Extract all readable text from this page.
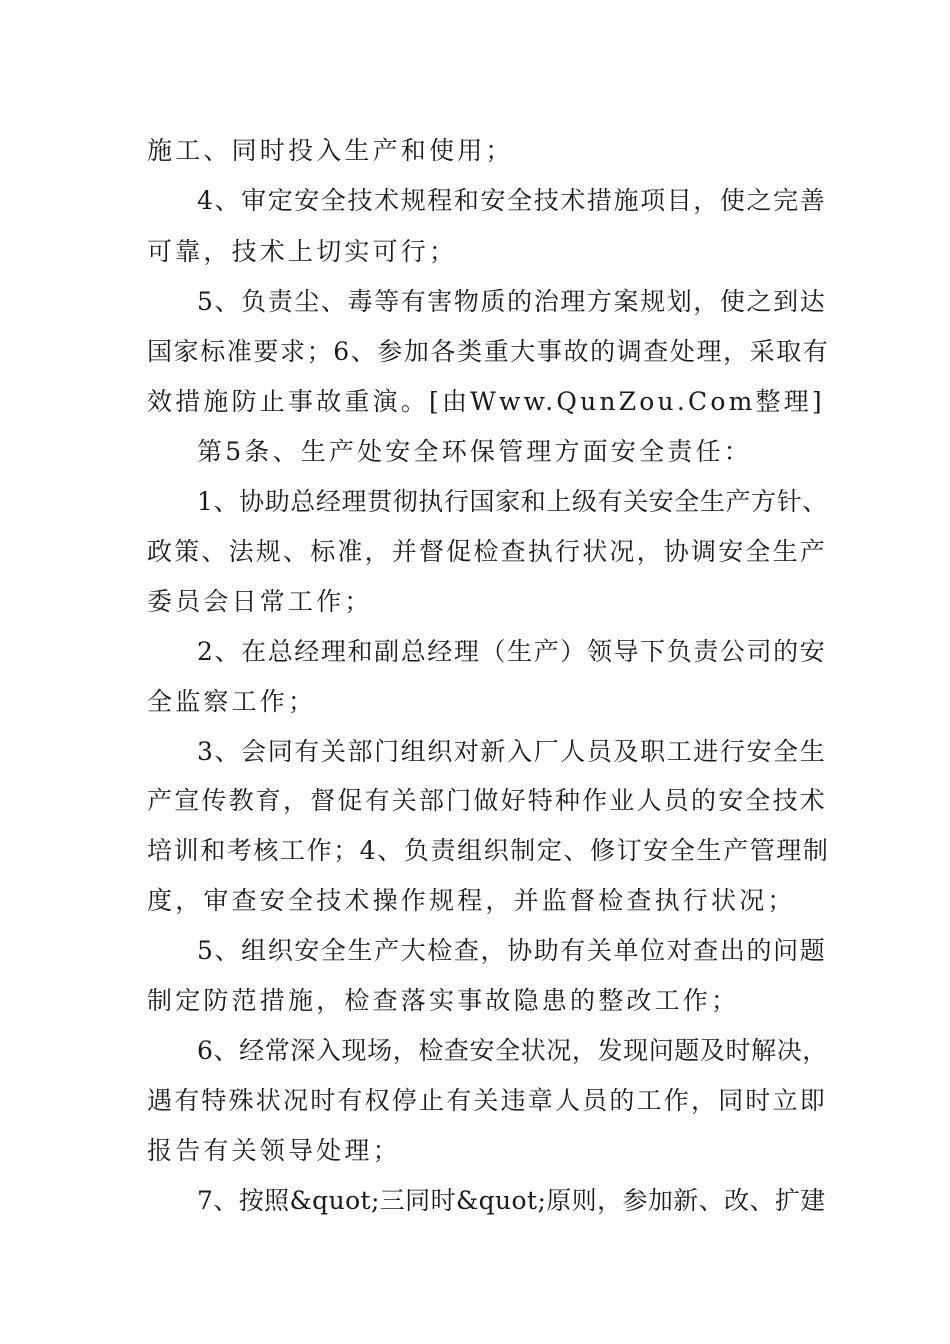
施工、同时投入生产和使用；
4、审定安全技术规程和安全技术措施项目，使之完善
可靠，技术上切实可行；
5、负责尘、毒等有害物质的治理方案规划，使之到达
国家标准要求；6、参加各类重大事故的调查处理，采取有
效措施防止事故重演。[由Www.QunZou.Com整理]
第5条、生产处安全环保管理方面安全责任：
1、协助总经理贯彻执行国家和上级有关安全生产方针、
政策、法规、标准，并督促检查执行状况，协调安全生产
委员会日常工作；
2、在总经理和副总经理（生产）领导下负责公司的安
全监察工作；
3、会同有关部门组织对新入厂人员及职工进行安全生
产宣传教育，督促有关部门做好特种作业人员的安全技术
培训和考核工作；4、负责组织制定、修订安全生产管理制
度，审查安全技术操作规程，并监督检查执行状况；
5、组织安全生产大检查，协助有关单位对查出的问题
制定防范措施，检查落实事故隐患的整改工作；
6、经常深入现场，检查安全状况，发现问题及时解决，
遇有特殊状况时有权停止有关违章人员的工作，同时立即
报告有关领导处理；
7、按照&quot;三同时&quot;原则，参加新、改、扩建
